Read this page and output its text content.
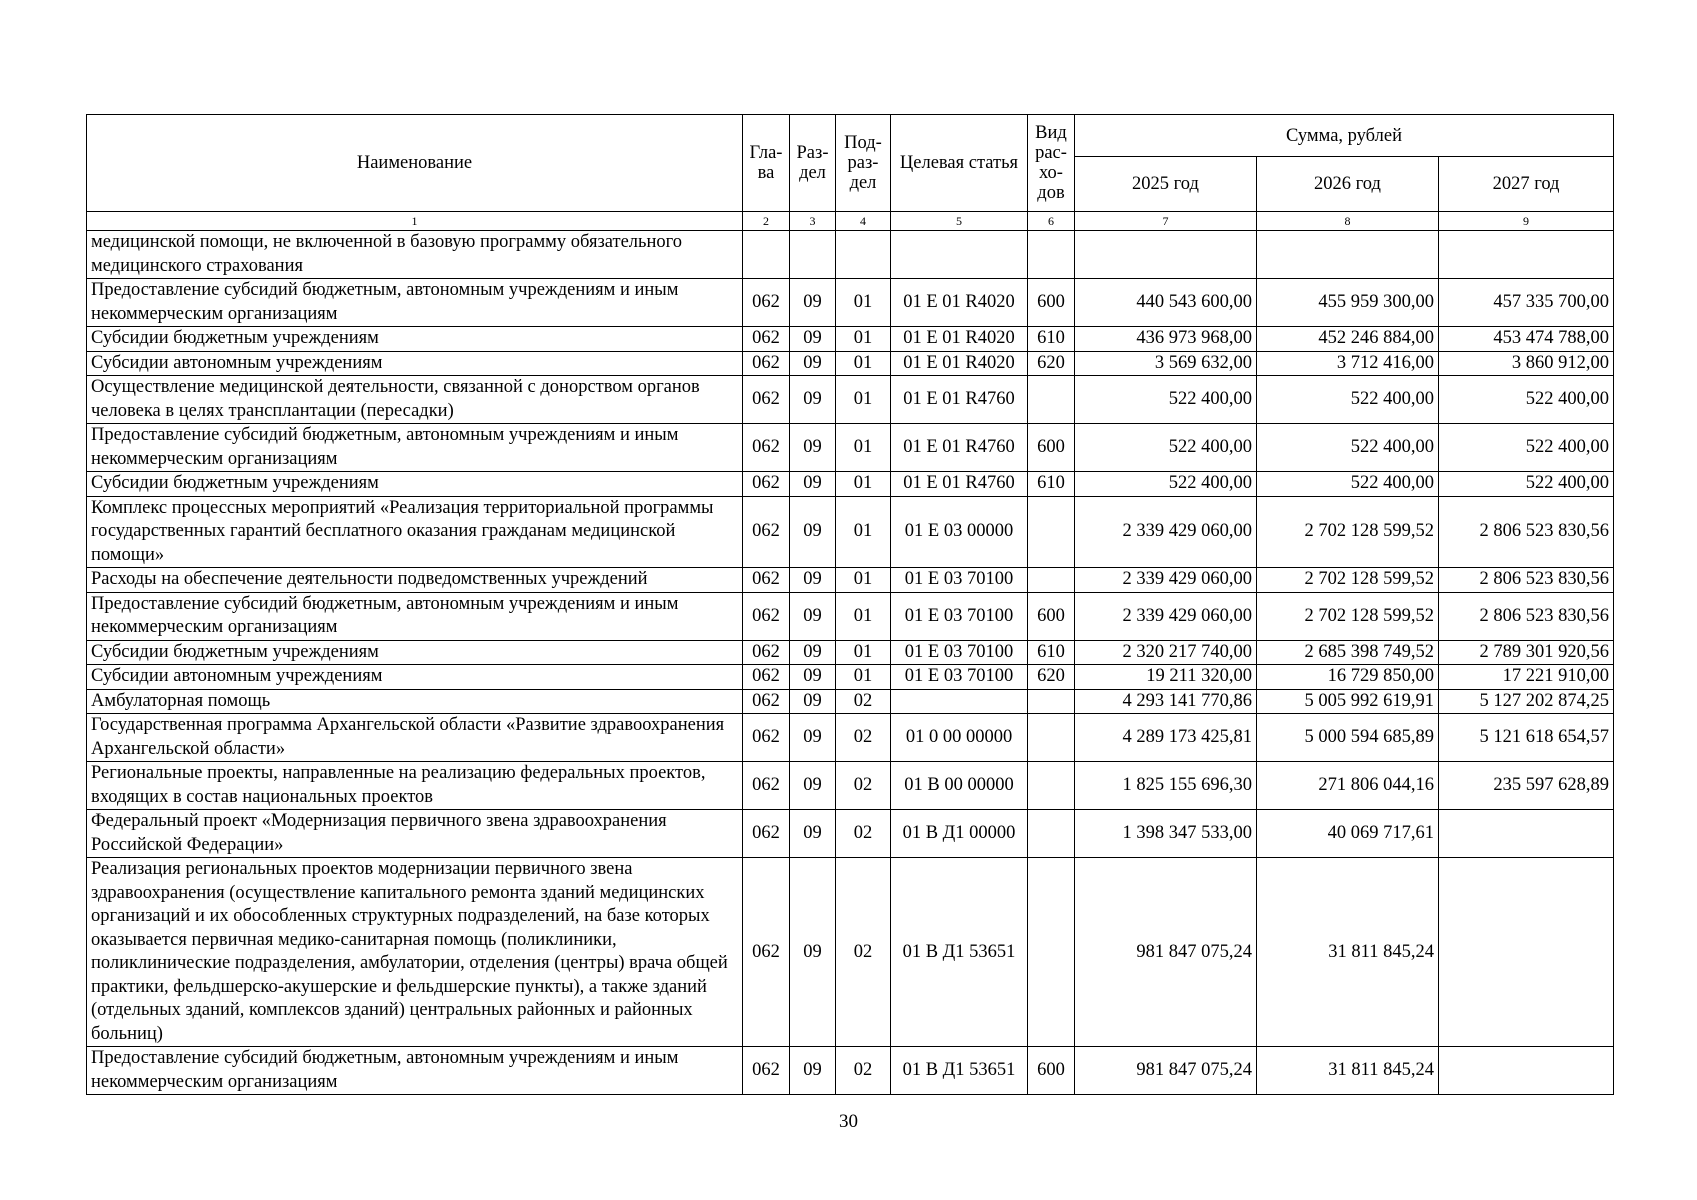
Наименование	Гла-ва	Раз-дел	Под-раз-дел	Целевая статья	Вид рас-хо-дов	Сумма, рублей		
						2025 год	2026 год	2027 год
1	2	3	4	5	6	7	8	9
медицинской помощи, не включенной в базовую программу обязательного медицинского страхования								
Предоставление субсидий бюджетным, автономным учреждениям и иным некоммерческим организациям	062	09	01	01 Е 01 R4020	600	440 543 600,00	455 959 300,00	457 335 700,00
Субсидии бюджетным учреждениям	062	09	01	01 Е 01 R4020	610	436 973 968,00	452 246 884,00	453 474 788,00
Субсидии автономным учреждениям	062	09	01	01 Е 01 R4020	620	3 569 632,00	3 712 416,00	3 860 912,00
Осуществление медицинской деятельности, связанной с донорством органов человека в целях трансплантации (пересадки)	062	09	01	01 Е 01 R4760		522 400,00	522 400,00	522 400,00
Предоставление субсидий бюджетным, автономным учреждениям и иным некоммерческим организациям	062	09	01	01 Е 01 R4760	600	522 400,00	522 400,00	522 400,00
Субсидии бюджетным учреждениям	062	09	01	01 Е 01 R4760	610	522 400,00	522 400,00	522 400,00
Комплекс процессных мероприятий «Реализация территориальной программы государственных гарантий бесплатного оказания гражданам медицинской помощи»	062	09	01	01 Е 03 00000		2 339 429 060,00	2 702 128 599,52	2 806 523 830,56
Расходы на обеспечение деятельности подведомственных учреждений	062	09	01	01 Е 03 70100		2 339 429 060,00	2 702 128 599,52	2 806 523 830,56
Предоставление субсидий бюджетным, автономным учреждениям и иным некоммерческим организациям	062	09	01	01 Е 03 70100	600	2 339 429 060,00	2 702 128 599,52	2 806 523 830,56
Субсидии бюджетным учреждениям	062	09	01	01 Е 03 70100	610	2 320 217 740,00	2 685 398 749,52	2 789 301 920,56
Субсидии автономным учреждениям	062	09	01	01 Е 03 70100	620	19 211 320,00	16 729 850,00	17 221 910,00
Амбулаторная помощь	062	09	02			4 293 141 770,86	5 005 992 619,91	5 127 202 874,25
Государственная программа Архангельской области «Развитие здравоохранения Архангельской области»	062	09	02	01 0 00 00000		4 289 173 425,81	5 000 594 685,89	5 121 618 654,57
Региональные проекты, направленные на реализацию федеральных проектов, входящих в состав национальных проектов	062	09	02	01 В 00 00000		1 825 155 696,30	271 806 044,16	235 597 628,89
Федеральный проект «Модернизация первичного звена здравоохранения Российской Федерации»	062	09	02	01 В Д1 00000		1 398 347 533,00	40 069 717,61	
Реализация региональных проектов модернизации первичного звена здравоохранения (осуществление капитального ремонта зданий медицинских организаций и их обособленных структурных подразделений, на базе которых оказывается первичная медико-санитарная помощь (поликлиники, поликлинические подразделения, амбулатории, отделения (центры) врача общей практики, фельдшерско-акушерские и фельдшерские пункты), а также зданий (отдельных зданий, комплексов зданий) центральных районных и районных больниц)	062	09	02	01 В Д1 53651		981 847 075,24	31 811 845,24	
Предоставление субсидий бюджетным, автономным учреждениям и иным некоммерческим организациям	062	09	02	01 В Д1 53651	600	981 847 075,24	31 811 845,24	
30
